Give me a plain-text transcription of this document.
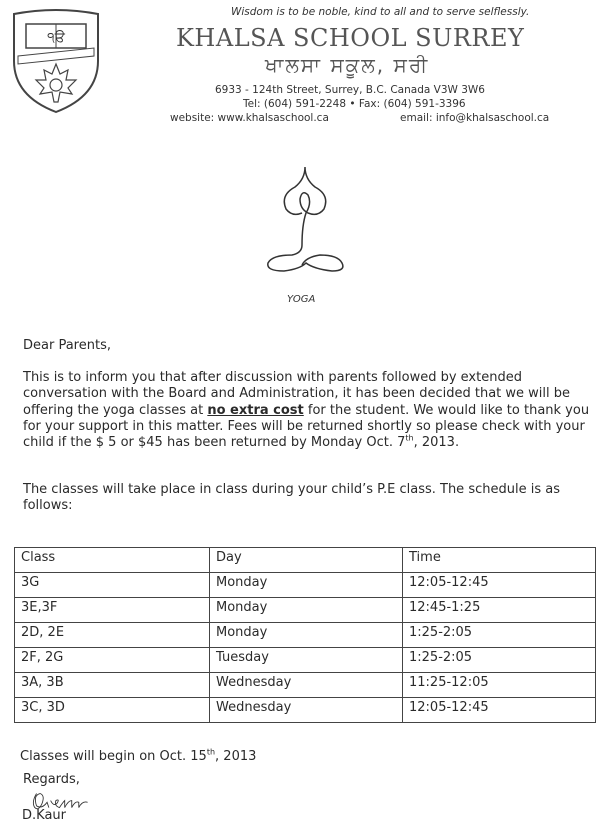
੧ੳ
Wisdom is to be noble, kind to all and to serve selflessly.
KHALSA SCHOOL SURREY
ਖਾਲਸਾ ਸਕੂਲ, ਸਰੀ
6933 - 124th Street, Surrey, B.C. Canada V3W 3W6
Tel: (604) 591-2248 • Fax: (604) 591-3396
website: www.khalsaschool.ca	email: info@khalsaschool.ca
YOGA
Dear Parents,
This is to inform you that after discussion with parents followed by extended conversation with the Board and Administration, it has been decided that we will be offering the yoga classes at no extra cost for the student. We would like to thank you for your support in this matter. Fees will be returned shortly so please check with your child if the $ 5 or $45 has been returned by Monday Oct. 7th, 2013.
The classes will take place in class during your child’s P.E class. The schedule is as follows:
Class	Day	Time
3G	Monday	12:05-12:45
3E,3F	Monday	12:45-1:25
2D, 2E	Monday	1:25-2:05
2F, 2G	Tuesday	1:25-2:05
3A, 3B	Wednesday	11:25-12:05
3C, 3D	Wednesday	12:05-12:45
Classes will begin on Oct. 15th, 2013
Regards,
D.Kaur
